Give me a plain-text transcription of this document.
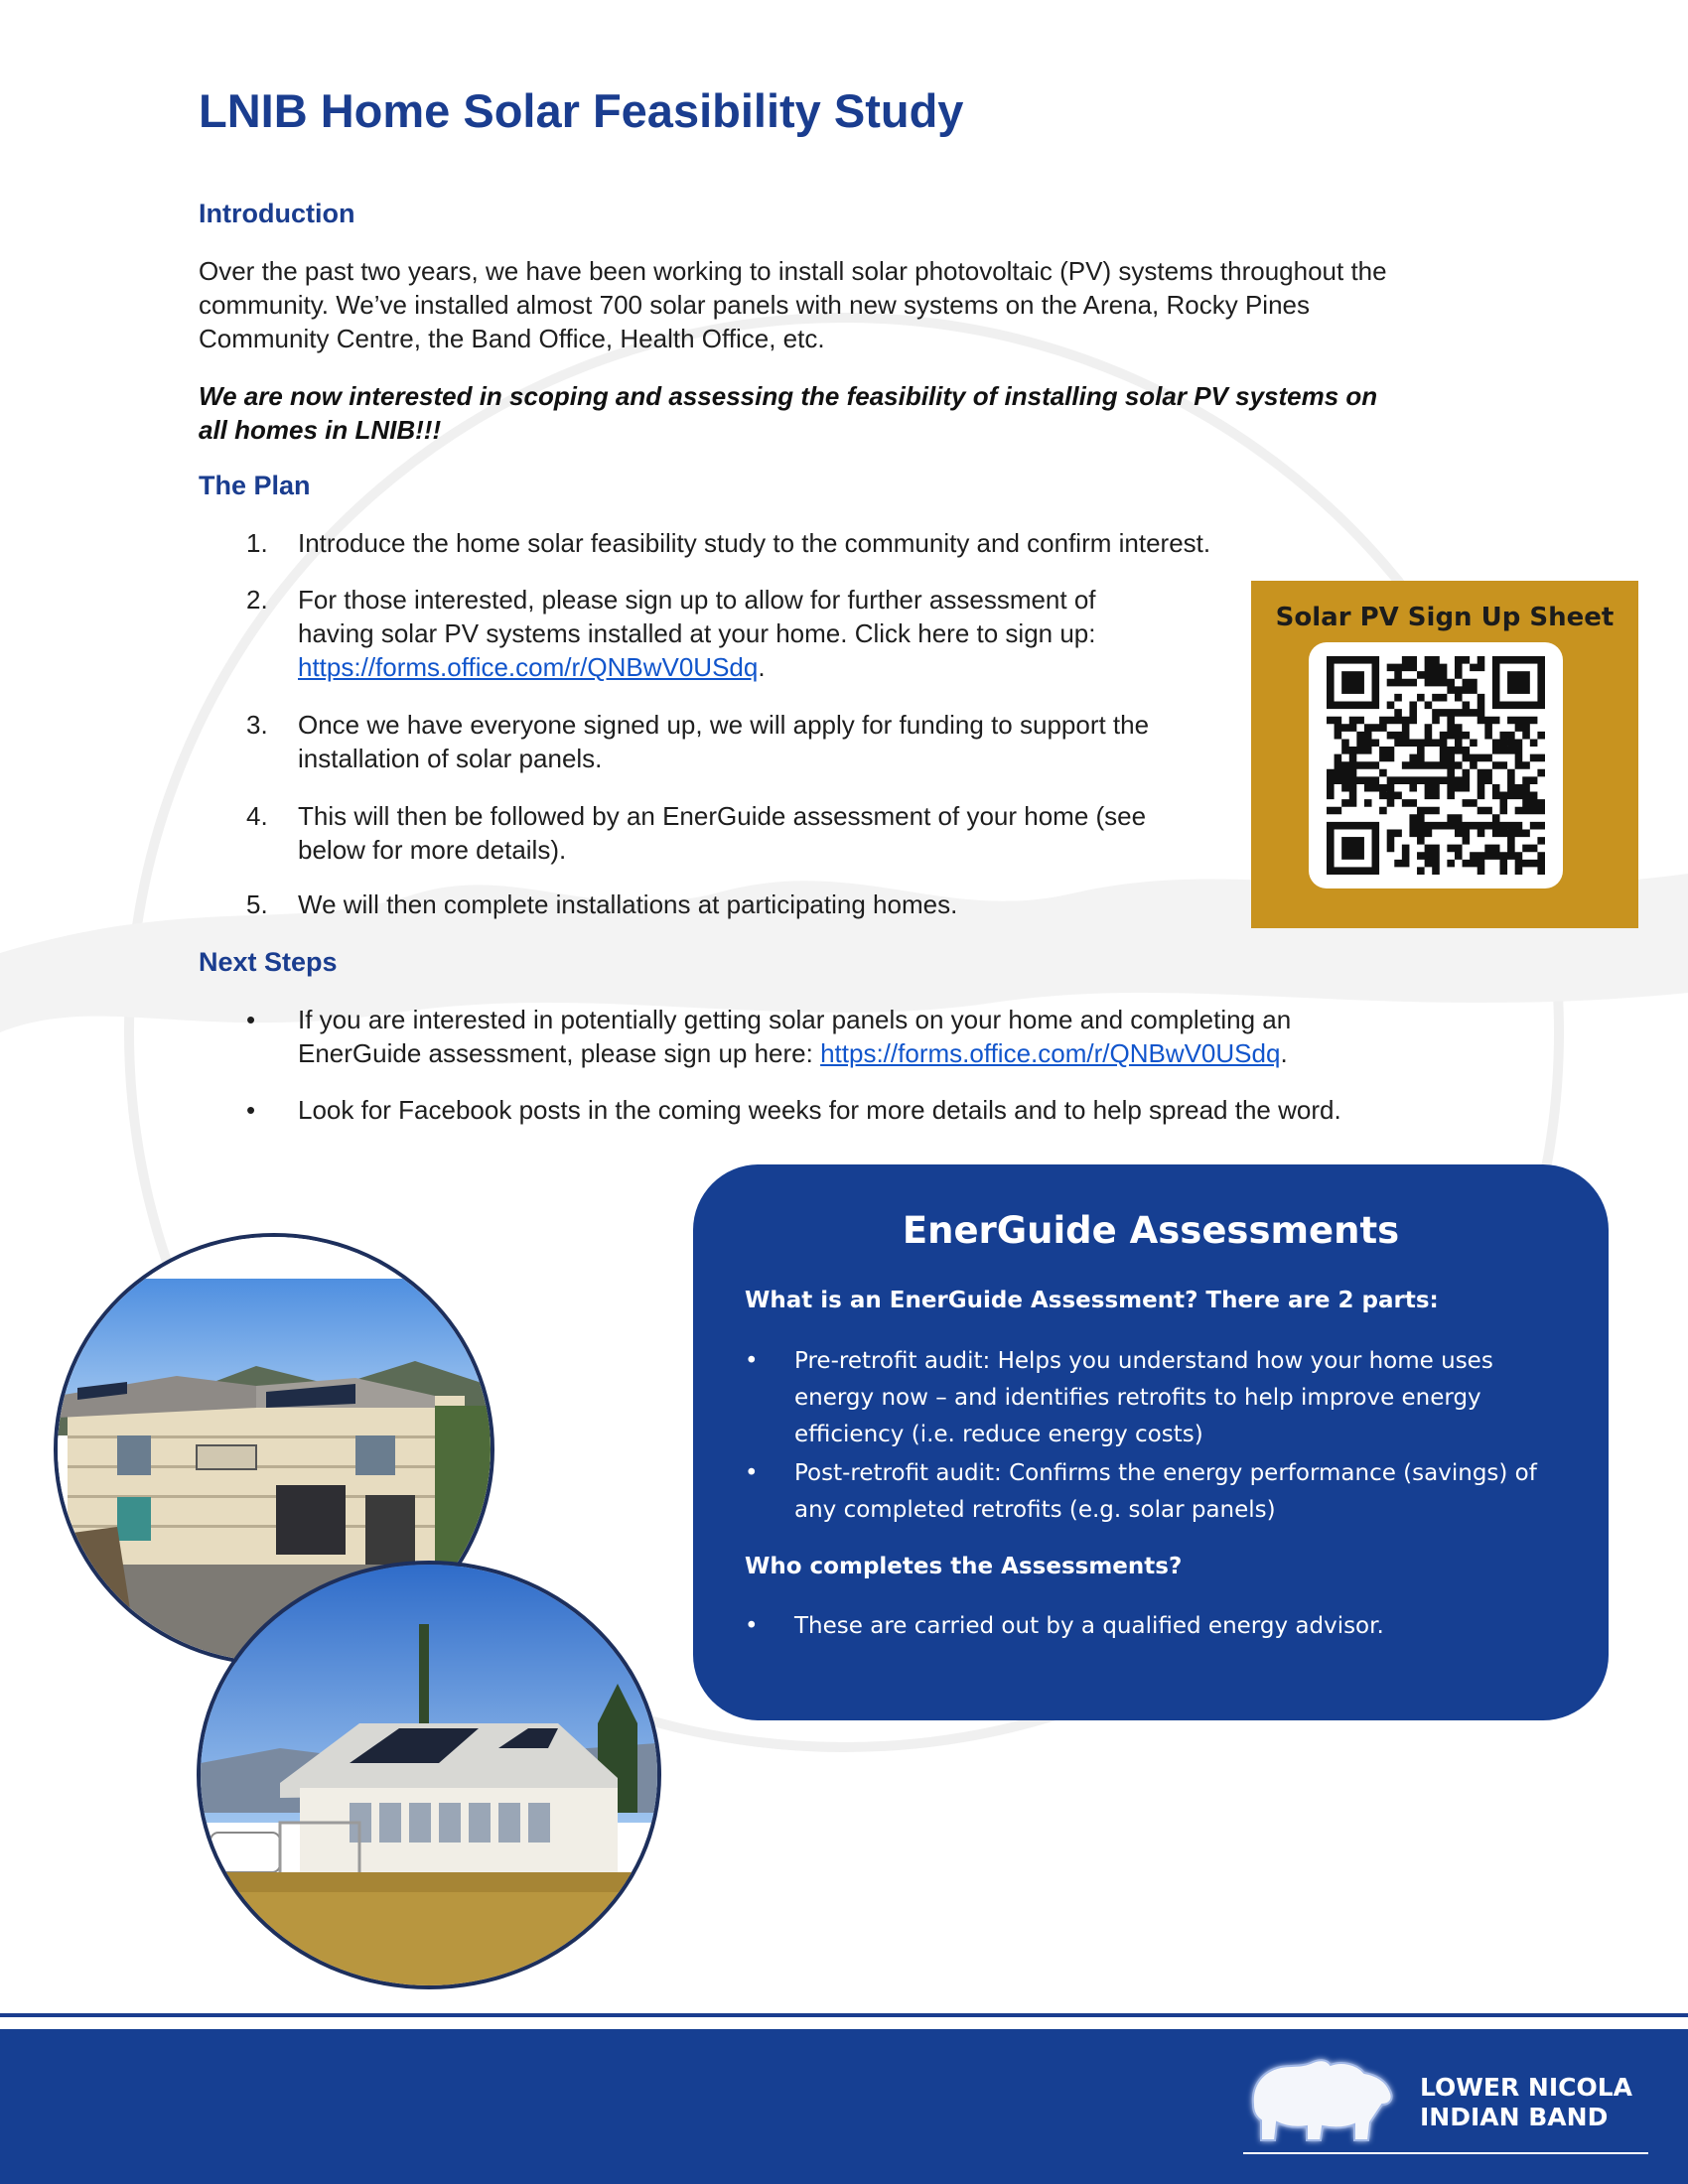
LNIB Home Solar Feasibility Study
Introduction

Over the past two years, we have been working to install solar photovoltaic (PV) systems throughout the
community. We’ve installed almost 700 solar panels with new systems on the Arena, Rocky Pines
Community Centre, the Band Office, Health Office, etc.

We are now interested in scoping and assessing the feasibility of installing solar PV systems on
all homes in LNIB!!!

The Plan
1. Introduce the home solar feasibility study to the community and confirm interest.
2. For those interested, please sign up to allow for further assessment of
having solar PV systems installed at your home. Click here to sign up:
https://forms.office.com/r/QNBwV0USdq.
3. Once we have everyone signed up, we will apply for funding to support the
installation of solar panels.
4. This will then be followed by an EnerGuide assessment of your home (see
below for more details).
5. We will then complete installations at participating homes.
Solar PV Sign Up Sheet
Next Steps
• If you are interested in potentially getting solar panels on your home and completing an
EnerGuide assessment, please sign up here: https://forms.office.com/r/QNBwV0USdq.
• Look for Facebook posts in the coming weeks for more details and to help spread the word.
EnerGuide Assessments

What is an EnerGuide Assessment? There are 2 parts:

• Pre-retrofit audit: Helps you understand how your home uses
energy now – and identifies retrofits to help improve energy
efficiency (i.e. reduce energy costs)
• Post-retrofit audit: Confirms the energy performance (savings) of
any completed retrofits (e.g. solar panels)

Who completes the Assessments?

• These are carried out by a qualified energy advisor.
LOWER NICOLA
INDIAN BAND
